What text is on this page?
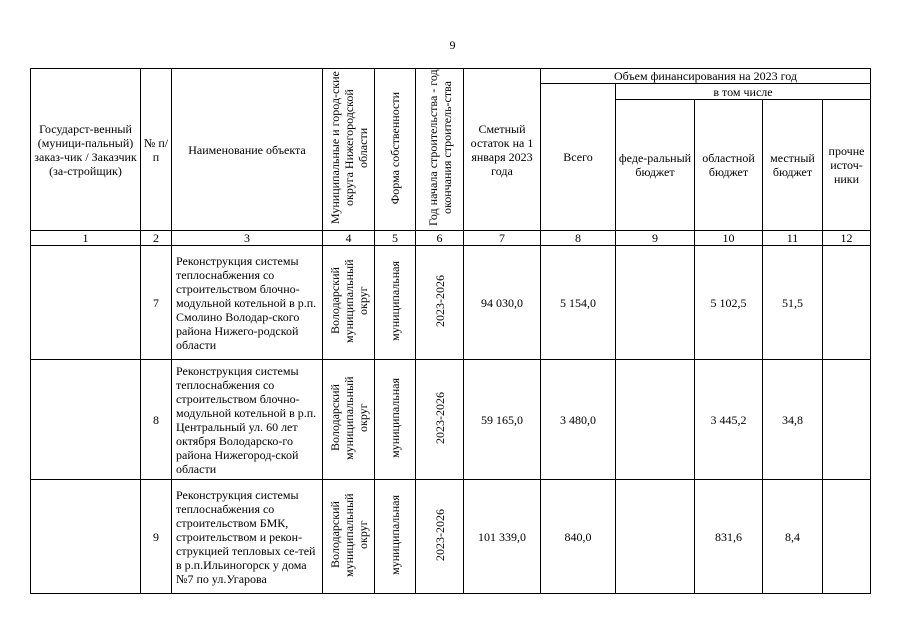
9
Государст-венный (муници-пальный) заказ-чик / Заказчик (за-стройщик)	№ п/п	Наименование объекта	Муниципальные и город-ские округа Нижегородской области	Форма собственности	Год начала строительства - год окончания строитель-ства	Сметный остаток на 1 января 2023 года	Объем финансирования на 2023 год				
							Всего	в том числе			
								феде-ральный бюджет	областной бюджет	местный бюджет	прочне источ-ники
1	2	3	4	5	6	7	8	9	10	11	12
	7	Реконструкция системы теплоснабжения со строительством блочно-модульной котельной в р.п. Смолино Володар-ского района Нижего-родской области	Володарский муниципальный округ	муниципальная	2023-2026	94 030,0	5 154,0		5 102,5	51,5	
	8	Реконструкция системы теплоснабжения со строительством блочно-модульной котельной в р.п. Центральный ул. 60 лет октября Володарско-го района Нижегород-ской области	Володарский муниципальный округ	муниципальная	2023-2026	59 165,0	3 480,0		3 445,2	34,8	
	9	Реконструкция системы теплоснабжения со строительством БМК, строительством и рекон-струкцией тепловых се-тей в р.п.Ильиногорск у дома №7 по ул.Угарова	Володарский муниципальный округ	муниципальная	2023-2026	101 339,0	840,0		831,6	8,4	
